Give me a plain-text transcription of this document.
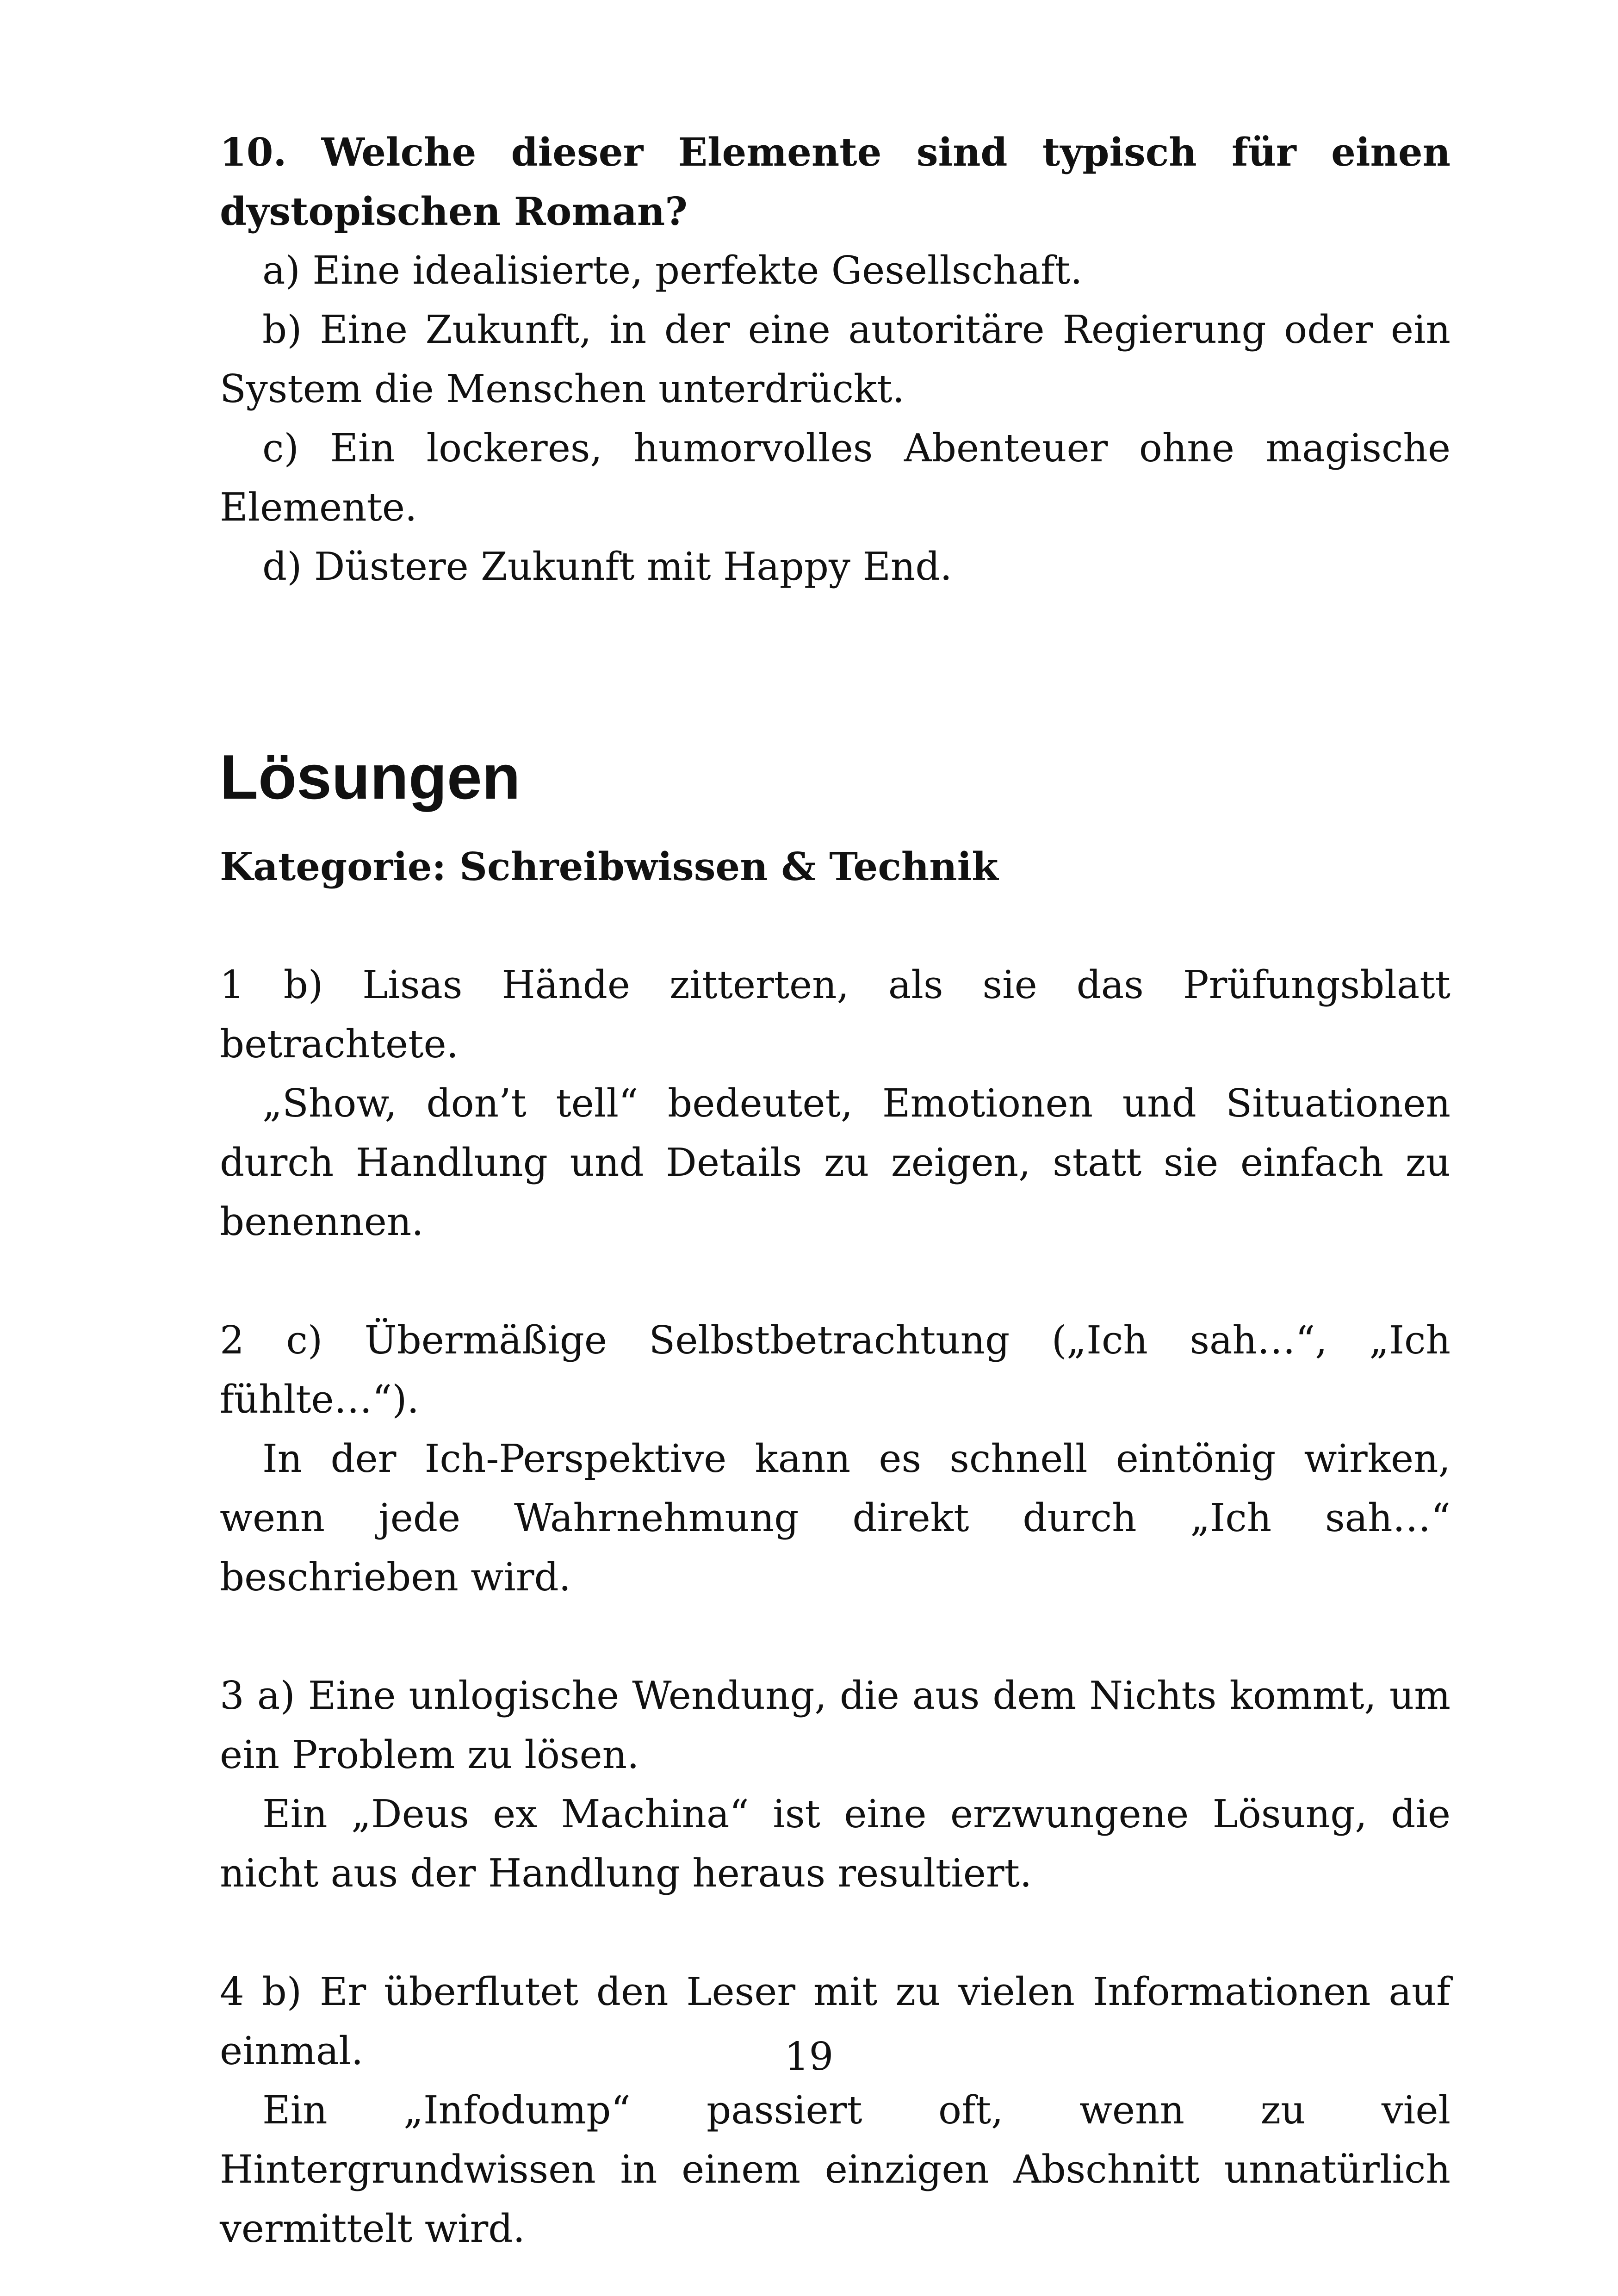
10. Welche dieser Elemente sind typisch für einen dystopischen Roman?

a) Eine idealisierte, perfekte Gesellschaft.

b) Eine Zukunft, in der eine autoritäre Regierung oder ein System die Menschen unterdrückt.

c) Ein lockeres, humorvolles Abenteuer ohne magische Elemente.

d) Düstere Zukunft mit Happy End.

Lösungen

Kategorie: Schreibwissen & Technik

1 b) Lisas Hände zitterten, als sie das Prüfungsblatt betrachtete.

„Show, don’t tell“ bedeutet, Emotionen und Situationen durch Handlung und Details zu zeigen, statt sie einfach zu benennen.

2 c) Übermäßige Selbstbetrachtung („Ich sah…“, „Ich fühlte…“).

In der Ich-Perspektive kann es schnell eintönig wirken, wenn jede Wahrnehmung direkt durch „Ich sah…“ beschrieben wird.

3 a) Eine unlogische Wendung, die aus dem Nichts kommt, um ein Problem zu lösen.

Ein „Deus ex Machina“ ist eine erzwungene Lösung, die nicht aus der Handlung heraus resultiert.

4 b) Er überflutet den Leser mit zu vielen Informationen auf einmal.

Ein „Infodump“ passiert oft, wenn zu viel Hintergrundwissen in einem einzigen Abschnitt unnatürlich vermittelt wird.

19
